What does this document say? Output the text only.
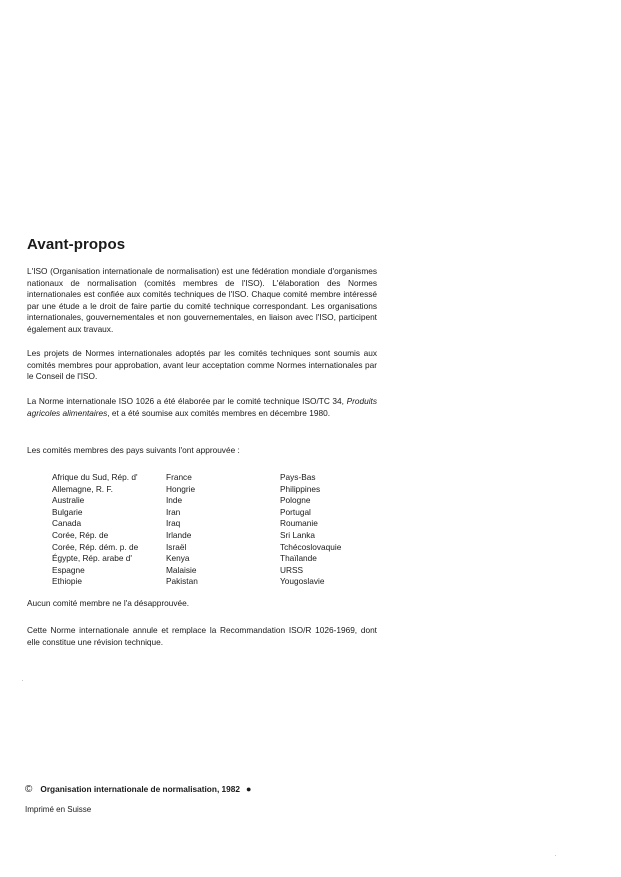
Avant-propos

L'ISO (Organisation internationale de normalisation) est une fédération mondiale d'organismes nationaux de normalisation (comités membres de l'ISO). L'élaboration des Normes internationales est confiée aux comités techniques de l'ISO. Chaque comité membre intéressé par une étude a le droit de faire partie du comité technique correspondant. Les organisations internationales, gouvernementales et non gouvernementales, en liaison avec l'ISO, participent également aux travaux.

Les projets de Normes internationales adoptés par les comités techniques sont soumis aux comités membres pour approbation, avant leur acceptation comme Normes internationales par le Conseil de l'ISO.

La Norme internationale ISO 1026 a été élaborée par le comité technique ISO/TC 34, Produits agricoles alimentaires, et a été soumise aux comités membres en décembre 1980.

Les comités membres des pays suivants l'ont approuvée :

Afrique du Sud, Rép. d'
Allemagne, R. F.
Australie
Bulgarie
Canada
Corée, Rép. de
Corée, Rép. dém. p. de
Égypte, Rép. arabe d'
Espagne
Ethiopie
France
Hongrie
Inde
Iran
Iraq
Irlande
Israël
Kenya
Malaisie
Pakistan
Pays-Bas
Philippines
Pologne
Portugal
Roumanie
Sri Lanka
Tchécoslovaquie
Thaïlande
URSS
Yougoslavie

Aucun comité membre ne l'a désapprouvée.

Cette Norme internationale annule et remplace la Recommandation ISO/R 1026-1969, dont elle constitue une révision technique.

© Organisation internationale de normalisation, 1982 ●
Imprimé en Suisse
